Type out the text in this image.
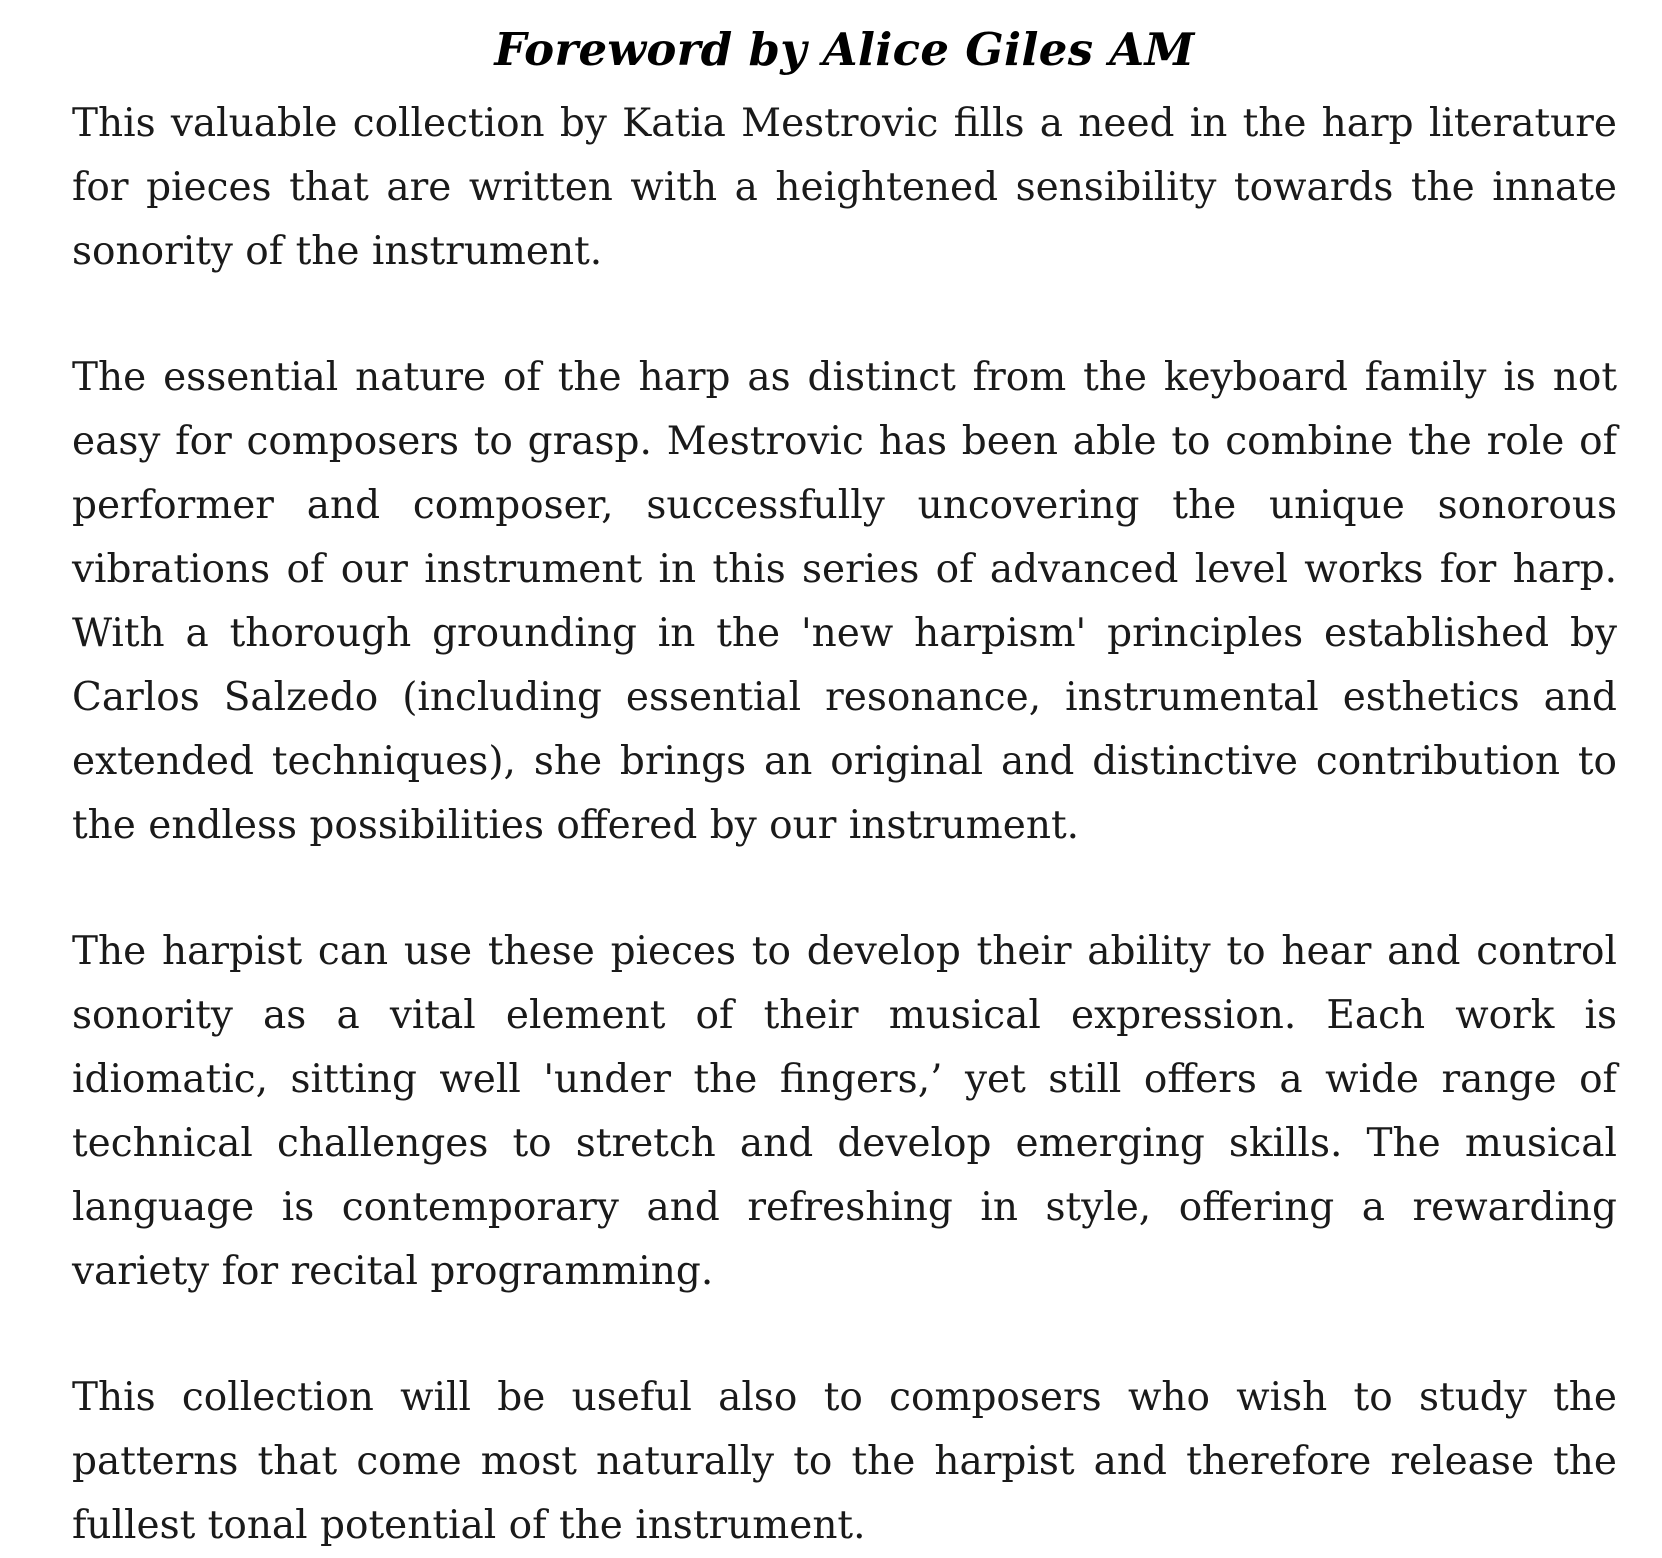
Foreword by Alice Giles AM

This valuable collection by Katia Mestrovic fills a need in the harp literature for pieces that are written with a heightened sensibility towards the innate sonority of the instrument.

The essential nature of the harp as distinct from the keyboard family is not easy for composers to grasp. Mestrovic has been able to combine the role of performer and composer, successfully uncovering the unique sonorous vibrations of our instrument in this series of advanced level works for harp. With a thorough grounding in the 'new harpism' principles established by Carlos Salzedo (including essential resonance, instrumental esthetics and extended techniques), she brings an original and distinctive contribution to the endless possibilities offered by our instrument.

The harpist can use these pieces to develop their ability to hear and control sonority as a vital element of their musical expression. Each work is idiomatic, sitting well 'under the fingers,’ yet still offers a wide range of technical challenges to stretch and develop emerging skills. The musical language is contemporary and refreshing in style, offering a rewarding variety for recital programming.

This collection will be useful also to composers who wish to study the patterns that come most naturally to the harpist and therefore release the fullest tonal potential of the instrument.
